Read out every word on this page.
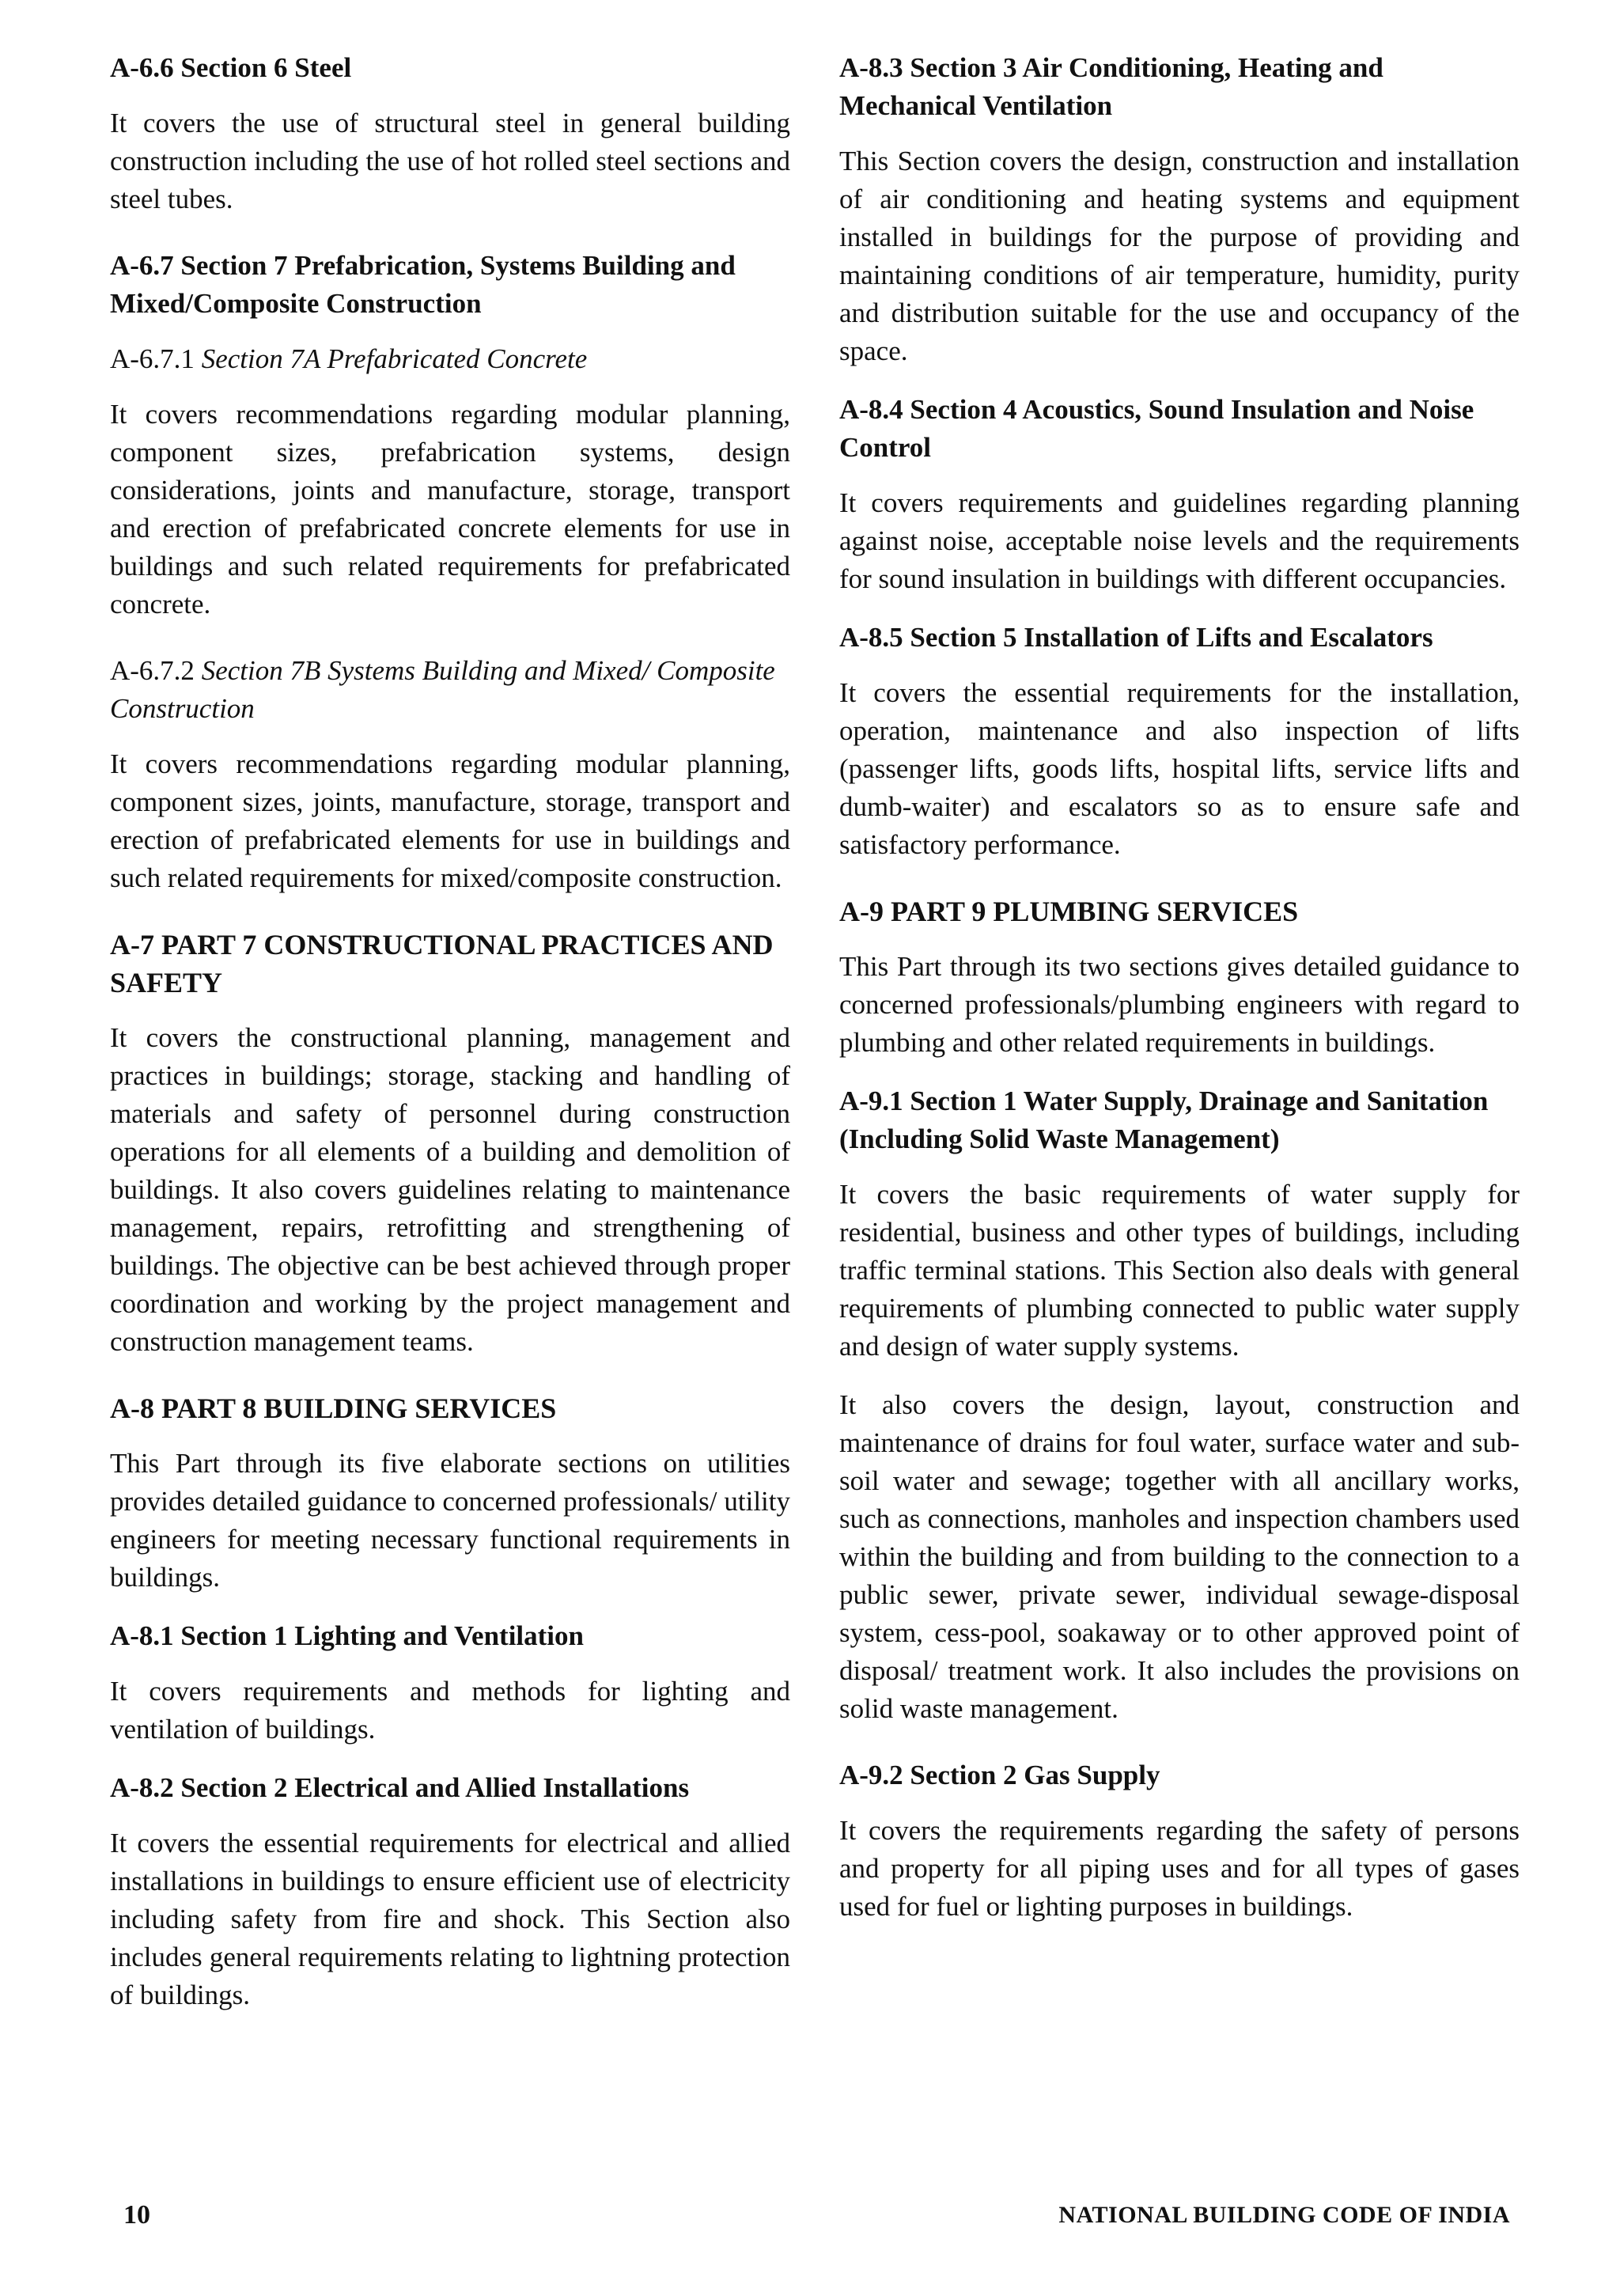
A-6.6 Section 6 Steel

It covers the use of structural steel in general building construction including the use of hot rolled steel sections and steel tubes.

A-6.7 Section 7 Prefabrication, Systems Building and Mixed/Composite Construction
A-6.7.1 Section 7A Prefabricated Concrete

It covers recommendations regarding modular planning, component sizes, prefabrication systems, design considerations, joints and manufacture, storage, transport and erection of prefabricated concrete elements for use in buildings and such related requirements for prefabricated concrete.

A-6.7.2 Section 7B Systems Building and Mixed/ Composite Construction

It covers recommendations regarding modular planning, component sizes, joints, manufacture, storage, transport and erection of prefabricated elements for use in buildings and such related requirements for mixed/composite construction.

A-7 PART 7 CONSTRUCTIONAL PRACTICES AND SAFETY

It covers the constructional planning, management and practices in buildings; storage, stacking and handling of materials and safety of personnel during construction operations for all elements of a building and demolition of buildings. It also covers guidelines relating to maintenance management, repairs, retrofitting and strengthening of buildings. The objective can be best achieved through proper coordination and working by the project management and construction management teams.

A-8 PART 8 BUILDING SERVICES

This Part through its five elaborate sections on utilities provides detailed guidance to concerned professionals/ utility engineers for meeting necessary functional requirements in buildings.

A-8.1 Section 1 Lighting and Ventilation

It covers requirements and methods for lighting and ventilation of buildings.

A-8.2 Section 2 Electrical and Allied Installations

It covers the essential requirements for electrical and allied installations in buildings to ensure efficient use of electricity including safety from fire and shock. This Section also includes general requirements relating to lightning protection of buildings.

A-8.3 Section 3 Air Conditioning, Heating and Mechanical Ventilation

This Section covers the design, construction and installation of air conditioning and heating systems and equipment installed in buildings for the purpose of providing and maintaining conditions of air temperature, humidity, purity and distribution suitable for the use and occupancy of the space.

A-8.4 Section 4 Acoustics, Sound Insulation and Noise Control

It covers requirements and guidelines regarding planning against noise, acceptable noise levels and the requirements for sound insulation in buildings with different occupancies.

A-8.5 Section 5 Installation of Lifts and Escalators

It covers the essential requirements for the installation, operation, maintenance and also inspection of lifts (passenger lifts, goods lifts, hospital lifts, service lifts and dumb-waiter) and escalators so as to ensure safe and satisfactory performance.

A-9 PART 9 PLUMBING SERVICES

This Part through its two sections gives detailed guidance to concerned professionals/plumbing engineers with regard to plumbing and other related requirements in buildings.

A-9.1 Section 1 Water Supply, Drainage and Sanitation (Including Solid Waste Management)

It covers the basic requirements of water supply for residential, business and other types of buildings, including traffic terminal stations. This Section also deals with general requirements of plumbing connected to public water supply and design of water supply systems.

It also covers the design, layout, construction and maintenance of drains for foul water, surface water and sub-soil water and sewage; together with all ancillary works, such as connections, manholes and inspection chambers used within the building and from building to the connection to a public sewer, private sewer, individual sewage-disposal system, cess-pool, soakaway or to other approved point of disposal/ treatment work. It also includes the provisions on solid waste management.

A-9.2 Section 2 Gas Supply

It covers the requirements regarding the safety of persons and property for all piping uses and for all types of gases used for fuel or lighting purposes in buildings.

10	NATIONAL BUILDING CODE OF INDIA
